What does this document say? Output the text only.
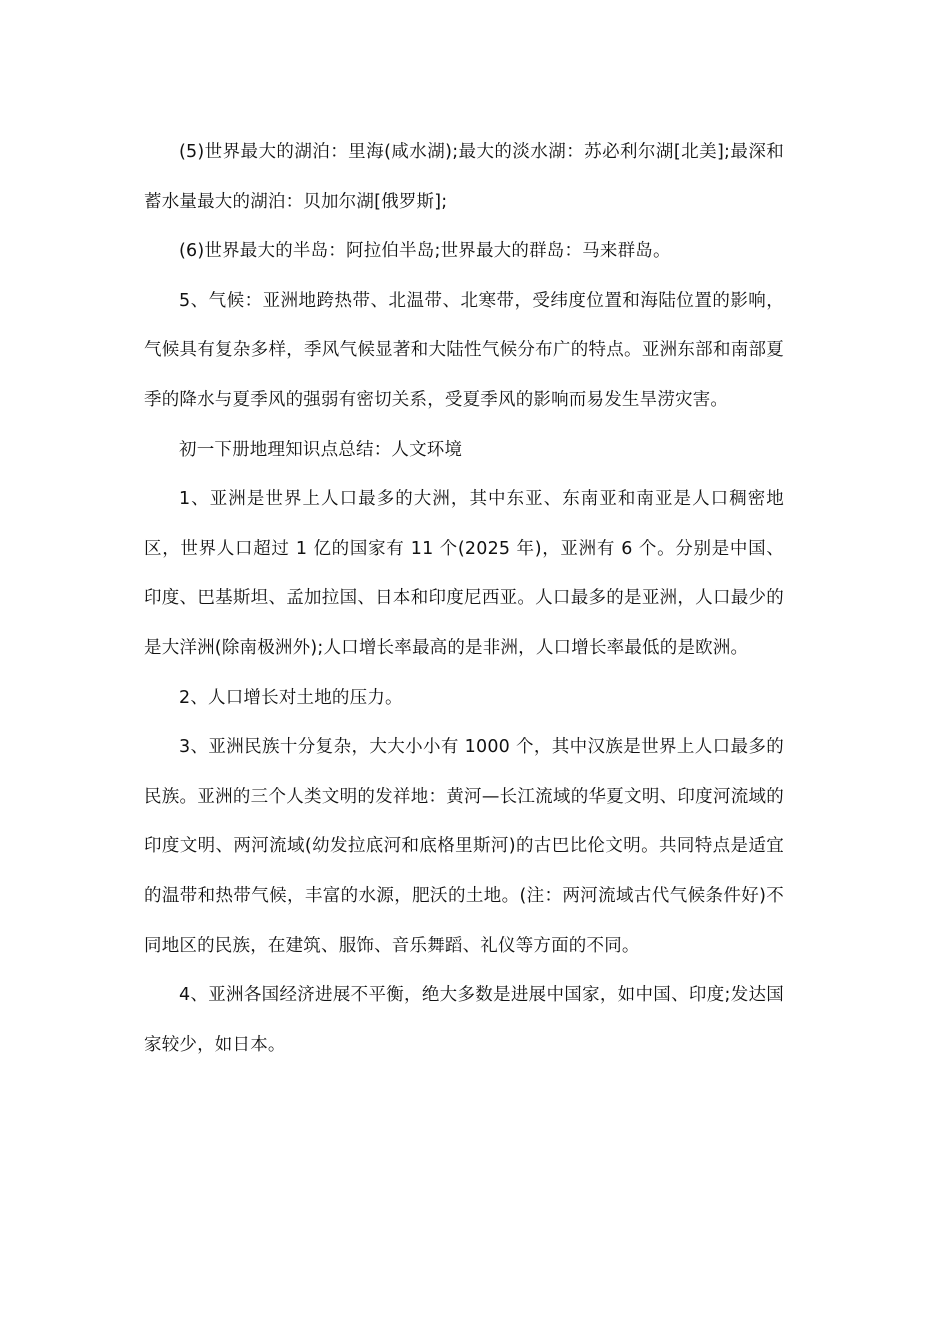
(5)世界最大的湖泊：里海(咸水湖);最大的淡水湖：苏必利尔湖[北美];最深和蓄水量最大的湖泊：贝加尔湖[俄罗斯];

(6)世界最大的半岛：阿拉伯半岛;世界最大的群岛：马来群岛。

5、气候：亚洲地跨热带、北温带、北寒带，受纬度位置和海陆位置的影响，气候具有复杂多样，季风气候显著和大陆性气候分布广的特点。亚洲东部和南部夏季的降水与夏季风的强弱有密切关系，受夏季风的影响而易发生旱涝灾害。

初一下册地理知识点总结：人文环境

1、亚洲是世界上人口最多的大洲，其中东亚、东南亚和南亚是人口稠密地区，世界人口超过 1 亿的国家有 11 个(2025 年)，亚洲有 6 个。分别是中国、印度、巴基斯坦、孟加拉国、日本和印度尼西亚。人口最多的是亚洲，人口最少的是大洋洲(除南极洲外);人口增长率最高的是非洲，人口增长率最低的是欧洲。

2、人口增长对土地的压力。

3、亚洲民族十分复杂，大大小小有 1000 个，其中汉族是世界上人口最多的民族。亚洲的三个人类文明的发祥地：黄河—长江流域的华夏文明、印度河流域的印度文明、两河流域(幼发拉底河和底格里斯河)的古巴比伦文明。共同特点是适宜的温带和热带气候，丰富的水源，肥沃的土地。(注：两河流域古代气候条件好)不同地区的民族，在建筑、服饰、音乐舞蹈、礼仪等方面的不同。

4、亚洲各国经济进展不平衡，绝大多数是进展中国家，如中国、印度;发达国家较少，如日本。
